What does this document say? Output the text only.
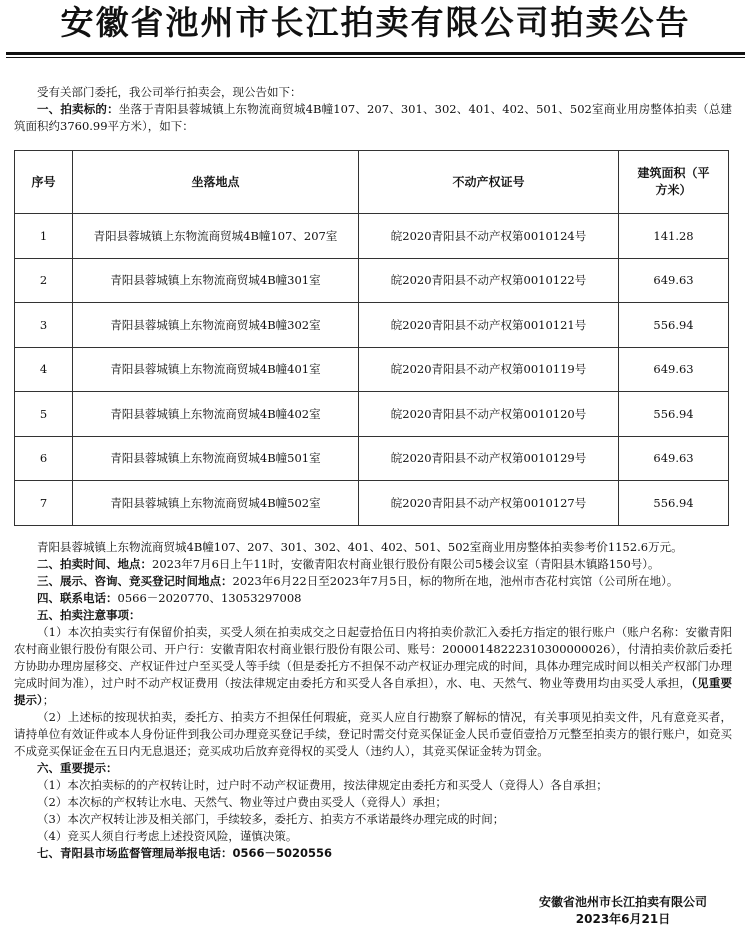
安徽省池州市长江拍卖有限公司拍卖公告

受有关部门委托，我公司举行拍卖会，现公告如下：

一、拍卖标的：坐落于青阳县蓉城镇上东物流商贸城4B幢107、207、301、302、401、402、501、502室商业用房整体拍卖（总建筑面积约3760.99平方米），如下：

序号	坐落地点	不动产权证号	建筑面积（平方米）
1	青阳县蓉城镇上东物流商贸城4B幢107、207室	皖2020青阳县不动产权第0010124号	141.28
2	青阳县蓉城镇上东物流商贸城4B幢301室	皖2020青阳县不动产权第0010122号	649.63
3	青阳县蓉城镇上东物流商贸城4B幢302室	皖2020青阳县不动产权第0010121号	556.94
4	青阳县蓉城镇上东物流商贸城4B幢401室	皖2020青阳县不动产权第0010119号	649.63
5	青阳县蓉城镇上东物流商贸城4B幢402室	皖2020青阳县不动产权第0010120号	556.94
6	青阳县蓉城镇上东物流商贸城4B幢501室	皖2020青阳县不动产权第0010129号	649.63
7	青阳县蓉城镇上东物流商贸城4B幢502室	皖2020青阳县不动产权第0010127号	556.94

青阳县蓉城镇上东物流商贸城4B幢107、207、301、302、401、402、501、502室商业用房整体拍卖参考价1152.6万元。

二、拍卖时间、地点：2023年7月6日上午11时，安徽青阳农村商业银行股份有限公司5楼会议室（青阳县木镇路150号）。

三、展示、咨询、竞买登记时间地点：2023年6月22日至2023年7月5日，标的物所在地，池州市杏花村宾馆（公司所在地）。

四、联系电话：0566－2020770、13053297008

五、拍卖注意事项：

（1）本次拍卖实行有保留价拍卖，买受人须在拍卖成交之日起壹拾伍日内将拍卖价款汇入委托方指定的银行账户（账户名称：安徽青阳农村商业银行股份有限公司、开户行：安徽青阳农村商业银行股份有限公司、账号：20000148222310300000026），付清拍卖价款后委托方协助办理房屋移交、产权证件过户至买受人等手续（但是委托方不担保不动产权证办理完成的时间，具体办理完成时间以相关产权部门办理完成时间为准），过户时不动产权证费用（按法律规定由委托方和买受人各自承担），水、电、天然气、物业等费用均由买受人承担，（见重要提示）；

（2）上述标的按现状拍卖，委托方、拍卖方不担保任何瑕疵，竞买人应自行勘察了解标的情况，有关事项见拍卖文件，凡有意竞买者，请持单位有效证件或本人身份证件到我公司办理竞买登记手续，登记时需交付竞买保证金人民币壹佰壹拾万元整至拍卖方的银行账户，如竞买不成竞买保证金在五日内无息退还；竞买成功后放弃竞得权的买受人（违约人），其竞买保证金转为罚金。

六、重要提示：

（1）本次拍卖标的的产权转让时，过户时不动产权证费用，按法律规定由委托方和买受人（竞得人）各自承担；

（2）本次标的产权转让水电、天然气、物业等过户费由买受人（竞得人）承担；

（3）本次产权转让涉及相关部门，手续较多，委托方、拍卖方不承诺最终办理完成的时间；

（4）竞买人须自行考虑上述投资风险，谨慎决策。

七、青阳县市场监督管理局举报电话：0566－5020556

安徽省池州市长江拍卖有限公司
2023年6月21日
